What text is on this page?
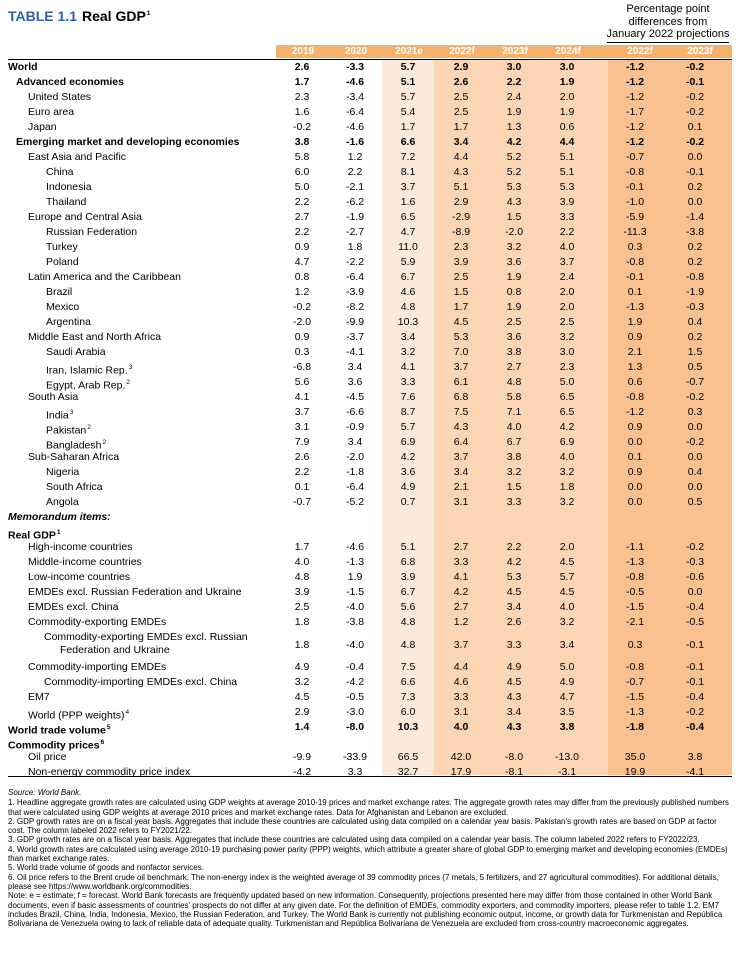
TABLE 1.1 Real GDP$^1$	Percentage point
differences from
January 2022 projections
2019	2020	2021e	2022f	2023f	2024f	2022f	2023f
World	2.6	-3.3	5.7	2.9	3.0	3.0	-1.2	-0.2
Advanced economies	1.7	-4.6	5.1	2.6	2.2	1.9	-1.2	-0.1
United States	2.3	-3.4	5.7	2.5	2.4	2.0	-1.2	-0.2
Euro area	1.6	-6.4	5.4	2.5	1.9	1.9	-1.7	-0.2
Japan	-0.2	-4.6	1.7	1.7	1.3	0.6	-1.2	0.1
Emerging market and developing economies	3.8	-1.6	6.6	3.4	4.2	4.4	-1.2	-0.2
East Asia and Pacific	5.8	1.2	7.2	4.4	5.2	5.1	-0.7	0.0
China	6.0	2.2	8.1	4.3	5.2	5.1	-0.8	-0.1
Indonesia	5.0	-2.1	3.7	5.1	5.3	5.3	-0.1	0.2
Thailand	2.2	-6.2	1.6	2.9	4.3	3.9	-1.0	0.0
Europe and Central Asia	2.7	-1.9	6.5	-2.9	1.5	3.3	-5.9	-1.4
Russian Federation	2.2	-2.7	4.7	-8.9	-2.0	2.2	-11.3	-3.8
Turkey	0.9	1.8	11.0	2.3	3.2	4.0	0.3	0.2
Poland	4.7	-2.2	5.9	3.9	3.6	3.7	-0.8	0.2
Latin America and the Caribbean	0.8	-6.4	6.7	2.5	1.9	2.4	-0.1	-0.8
Brazil	1.2	-3.9	4.6	1.5	0.8	2.0	0.1	-1.9
Mexico	-0.2	-8.2	4.8	1.7	1.9	2.0	-1.3	-0.3
Argentina	-2.0	-9.9	10.3	4.5	2.5	2.5	1.9	0.4
Middle East and North Africa	0.9	-3.7	3.4	5.3	3.6	3.2	0.9	0.2
Saudi Arabia	0.3	-4.1	3.2	7.0	3.8	3.0	2.1	1.5
Iran, Islamic Rep.$^3$	-6.8	3.4	4.1	3.7	2.7	2.3	1.3	0.5
Egypt, Arab Rep.$^2$	5.6	3.6	3.3	6.1	4.8	5.0	0.6	-0.7
South Asia	4.1	-4.5	7.6	6.8	5.8	6.5	-0.8	-0.2
India$^3$	3.7	-6.6	8.7	7.5	7.1	6.5	-1.2	0.3
Pakistan$^2$	3.1	-0.9	5.7	4.3	4.0	4.2	0.9	0.0
Bangladesh$^2$	7.9	3.4	6.9	6.4	6.7	6.9	0.0	-0.2
Sub-Saharan Africa	2.6	-2.0	4.2	3.7	3.8	4.0	0.1	0.0
Nigeria	2.2	-1.8	3.6	3.4	3.2	3.2	0.9	0.4
South Africa	0.1	-6.4	4.9	2.1	1.5	1.8	0.0	0.0
Angola	-0.7	-5.2	0.7	3.1	3.3	3.2	0.0	0.5
Memorandum items:
Real GDP$^1$
High-income countries	1.7	-4.6	5.1	2.7	2.2	2.0	-1.1	-0.2
Middle-income countries	4.0	-1.3	6.8	3.3	4.2	4.5	-1.3	-0.3
Low-income countries	4.8	1.9	3.9	4.1	5.3	5.7	-0.8	-0.6
EMDEs excl. Russian Federation and Ukraine	3.9	-1.5	6.7	4.2	4.5	4.5	-0.5	0.0
EMDEs excl. China	2.5	-4.0	5.6	2.7	3.4	4.0	-1.5	-0.4
Commodity-exporting EMDEs	1.8	-3.8	4.8	1.2	2.6	3.2	-2.1	-0.5
Commodity-exporting EMDEs excl. Russian
Federation and Ukraine	1.8	-4.0	4.8	3.7	3.3	3.4	0.3	-0.1
Commodity-importing EMDEs	4.9	-0.4	7.5	4.4	4.9	5.0	-0.8	-0.1
Commodity-importing EMDEs excl. China	3.2	-4.2	6.6	4.6	4.5	4.9	-0.7	-0.1
EM7	4.5	-0.5	7.3	3.3	4.3	4.7	-1.5	-0.4
World (PPP weights)$^4$	2.9	-3.0	6.0	3.1	3.4	3.5	-1.3	-0.2
World trade volume$^5$	1.4	-8.0	10.3	4.0	4.3	3.8	-1.8	-0.4
Commodity prices$^6$
Oil price	-9.9	-33.9	66.5	42.0	-8.0	-13.0	35.0	3.8
Non-energy commodity price index	-4.2	3.3	32.7	17.9	-8.1	-3.1	19.9	-4.1

Source: World Bank.

1. Headline aggregate growth rates are calculated using GDP weights at average 2010-19 prices and market exchange rates. The aggregate growth rates may differ from the previously published numbers that were calculated using GDP weights at average 2010 prices and market exchange rates. Data for Afghanistan and Lebanon are excluded.

2. GDP growth rates are on a fiscal year basis. Aggregates that include these countries are calculated using data compiled on a calendar year basis. Pakistan's growth rates are based on GDP at factor cost. The column labeled 2022 refers to FY2021/22.

3. GDP growth rates are on a fiscal year basis. Aggregates that include these countries are calculated using data compiled on a calendar year basis. The column labeled 2022 refers to FY2022/23.

4. World growth rates are calculated using average 2010-19 purchasing power parity (PPP) weights, which attribute a greater share of global GDP to emerging market and developing economies (EMDEs) than market exchange rates.

5. World trade volume of goods and nonfactor services.

6. Oil price refers to the Brent crude oil benchmark. The non-energy index is the weighted average of 39 commodity prices (7 metals, 5 fertilizers, and 27 agricultural commodities). For additional details, please see https://www.worldbank.org/commodities.

Note: e = estimate; f = forecast. World Bank forecasts are frequently updated based on new information. Consequently, projections presented here may differ from those contained in other World Bank documents, even if basic assessments of countries' prospects do not differ at any given date. For the definition of EMDEs, commodity exporters, and commodity importers, please refer to table 1.2. EM7 includes Brazil, China, India, Indonesia, Mexico, the Russian Federation, and Turkey. The World Bank is currently not publishing economic output, income, or growth data for Turkmenistan and República Bolivariana de Venezuela owing to lack of reliable data of adequate quality. Turkmenistan and República Bolivariana de Venezuela are excluded from cross-country macroeconomic aggregates.
